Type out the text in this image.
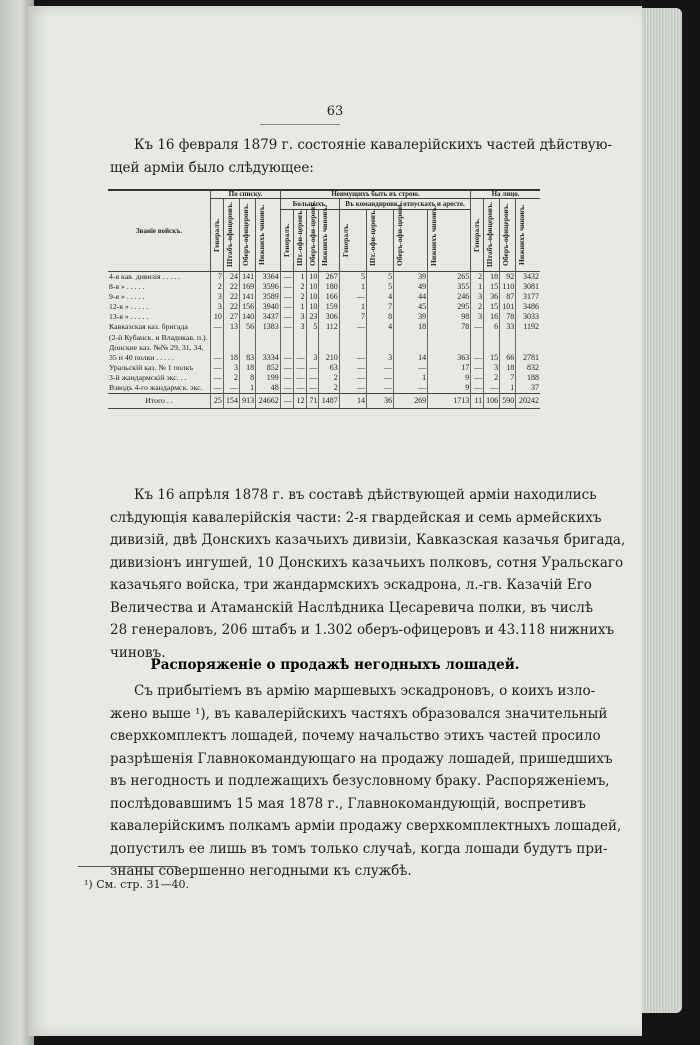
63
Къ 16 февраля 1879 г. состояніе кавалерійскихъ частей дѣйствую-
щей арміи было слѣдующее:
Званіе войскъ.	По списку.				Неимущихъ быть въ строю.								На лицо.			

	Генералъ.	Штабъ-офицеровъ.	Оберъ-офицеровъ.	Нижнихъ чиновъ.	Больныхъ.				Въ командировк., отпускахъ и аресте.				Генералъ.	Штабъ-офицеровъ.	Оберъ-офицеровъ.	Нижнихъ чиновъ.

					Генералъ.	Шт.-офи-церовъ.	Оберъ-офи-церовъ.	Нижнихъ чиновъ.	Генералъ.	Шт.-офи-церовъ.	Оберъ-офи-церовъ.	Нижнихъ чиновъ.				

4-я кав. дивизія . . . . .	7	24	141	3364	—	1	10	267	5	5	39	265	2	18	92	3432
8-я » . . . . .	2	22	169	3596	—	2	10	180	1	5	49	355	1	15	110	3081
9-я » . . . . .	3	22	141	3589	—	2	10	166	—	4	44	246	3	36	87	3177
12-я » . . . . .	3	22	156	3940	—	1	10	159	1	7	45	295	2	15	101	3486
13-я » . . . . .	10	27	140	3437	—	3	23	306	7	8	39	98	3	16	78	3033
Кавказская каз. бригада	—	13	56	1383	—	3	5	112	—	4	18	78	—	6	33	1192
(2-й Кубанск. и Владикав. п.).																
Донские каз. №№ 29, 31, 34,																
35 и 40 полки . . . . .	—	18	83	3334	—	—	3	210	—	3	14	363	—	15	66	2781
Уральскій каз. № 1 полкъ	—	3	18	852	—	—	—	63	—	—	—	17	—	3	18	832
3-й жандармскій экс. . .	—	2	8	199	—	—	—	2	—	—	1	9	—	2	7	188
Взводъ 4-го жандармск. экс.	—	—	1	48	—	—	—	2	—	—	—	9	—	—	1	37
Итого . .	25	154	913	24662	—	12	71	1487	14	36	269	1713	11	106	590	20242
Къ 16 апрѣля 1878 г. въ составѣ дѣйствующей арміи находились
слѣдующія кавалерійскія части: 2-я гвардейская и семь армейскихъ
дивизій, двѣ Донскихъ казачьихъ дивизіи, Кавказская казачья бригада,
дивизіонъ ингушей, 10 Донскихъ казачьихъ полковъ, сотня Уральскаго
казачьяго войска, три жандармскихъ эскадрона, л.-гв. Казачій Его
Величества и Атаманскій Наслѣдника Цесаревича полки, въ числѣ
28 генераловъ, 206 штабъ и 1.302 оберъ-офицеровъ и 43.118 нижнихъ
чиновъ.
Распоряженіе о продажѣ негодныхъ лошадей.
Съ прибытіемъ въ армію маршевыхъ эскадроновъ, о коихъ изло-
жено выше ¹), въ кавалерійскихъ частяхъ образовался значительный
сверхкомплектъ лошадей, почему начальство этихъ частей просило
разрѣшенія Главнокомандующаго на продажу лошадей, пришедшихъ
въ негодность и подлежащихъ безусловному браку. Распоряженіемъ,
послѣдовавшимъ 15 мая 1878 г., Главнокомандующій, воспретивъ
кавалерійскимъ полкамъ арміи продажу сверхкомплектныхъ лошадей,
допустилъ ее лишь въ томъ только случаѣ, когда лошади будутъ при-
знаны совершенно негодными къ службѣ.
¹) См. стр. 31—40.
